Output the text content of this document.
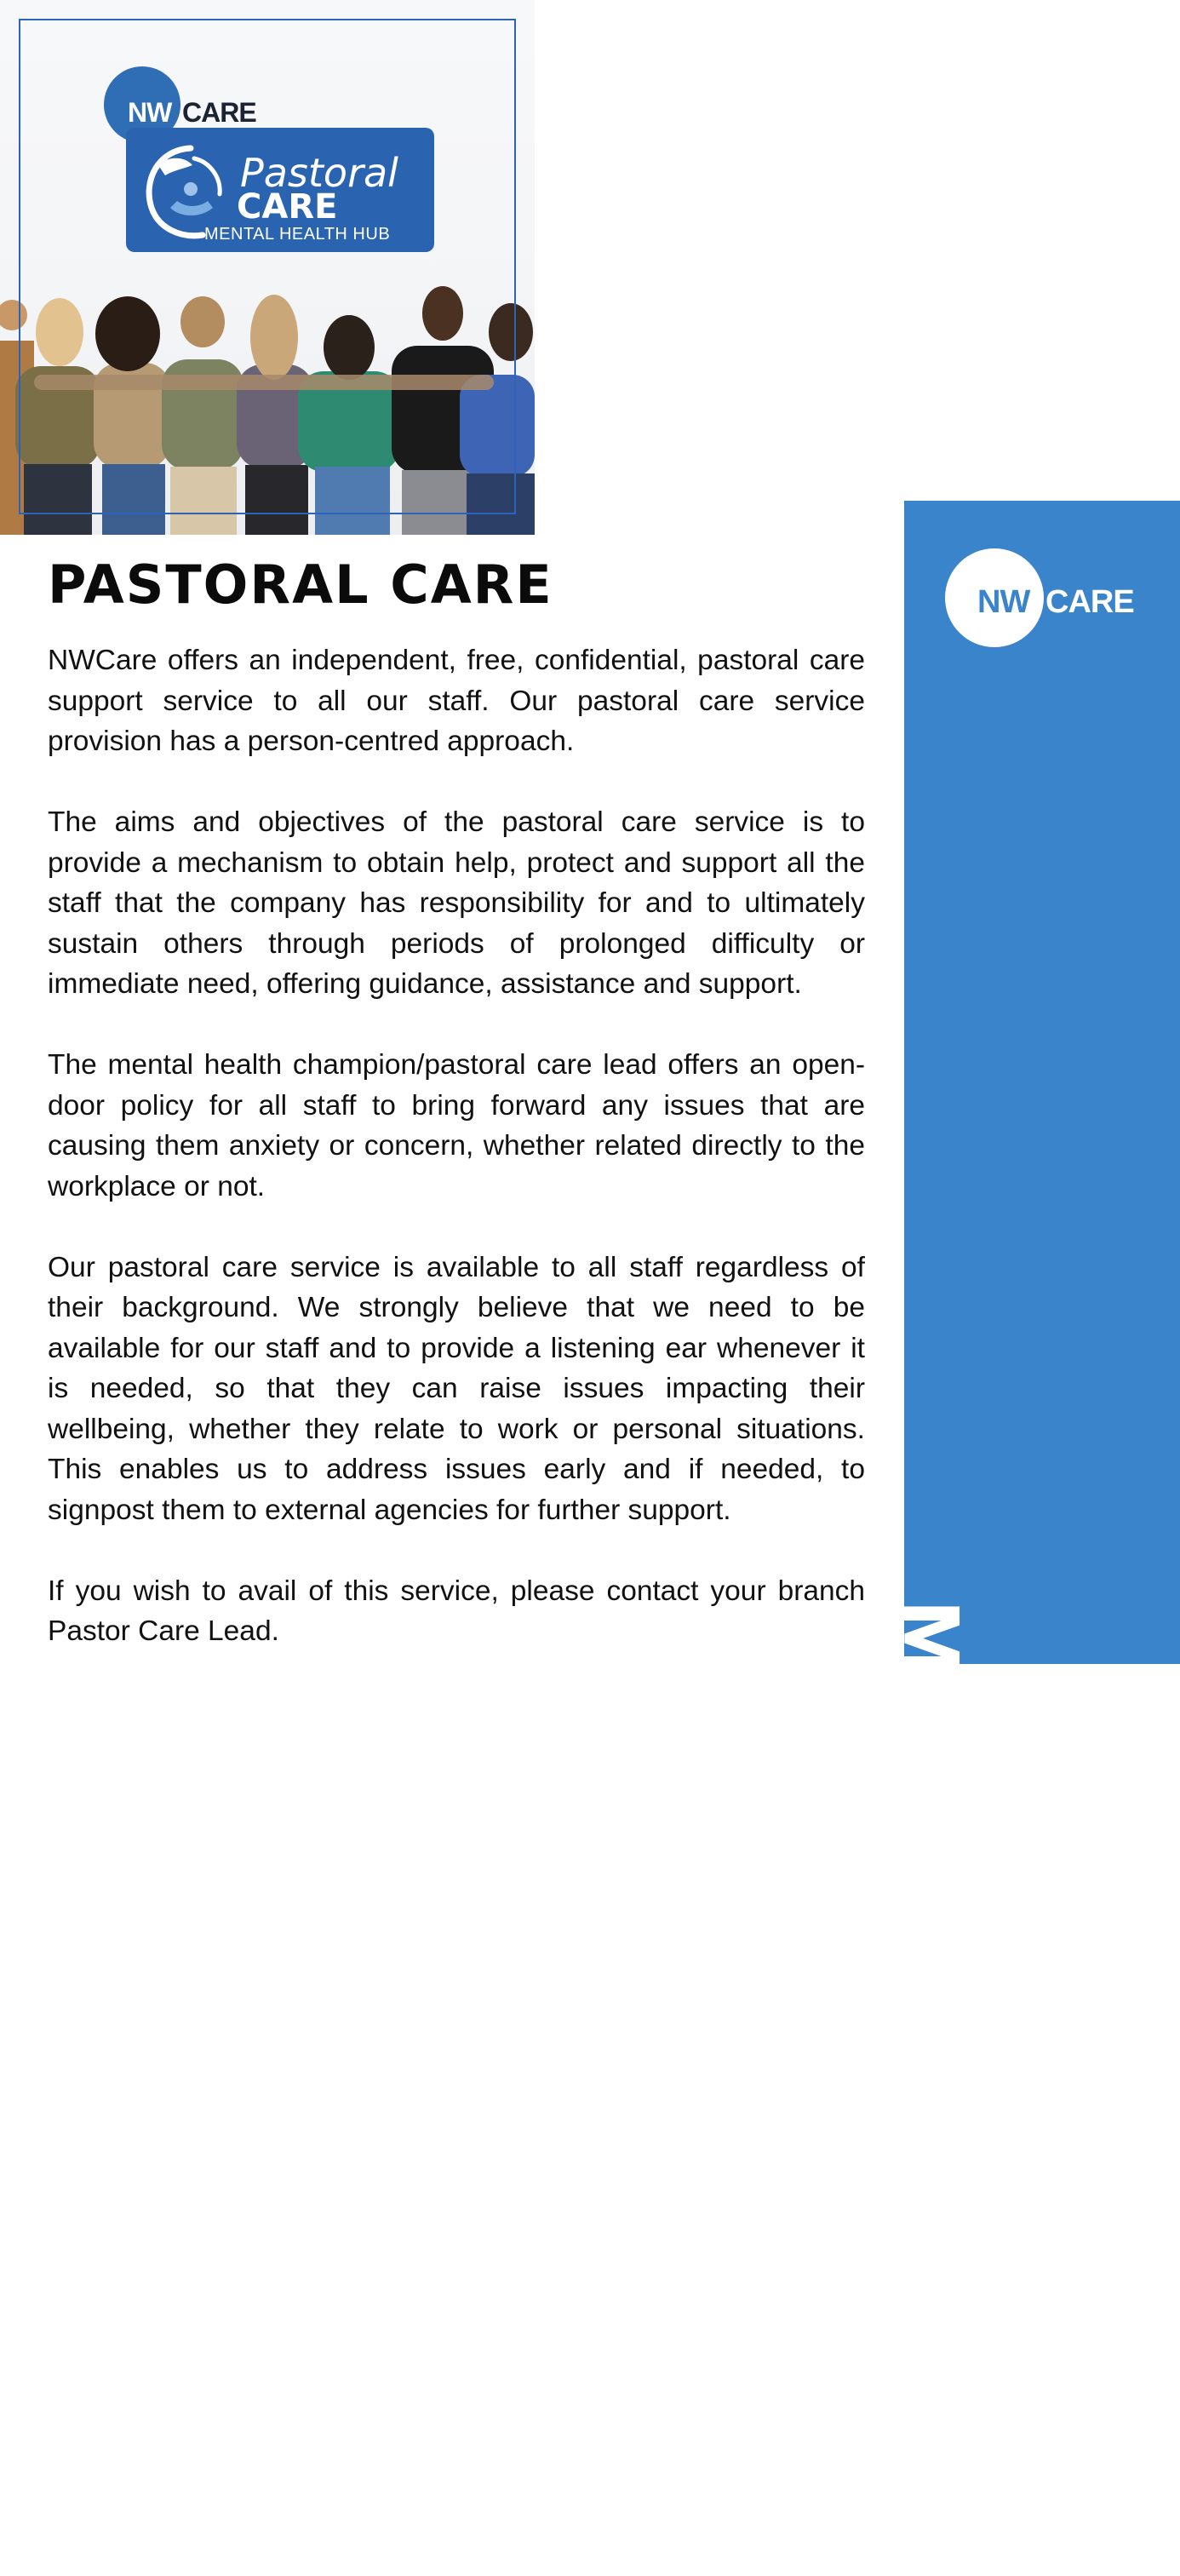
NW CARE
Pastoral
CARE
MENTAL HEALTH HUB
PASTORAL CARE

NWCare offers an independent, free, confidential, pastoral care support service to all our staff. Our pastoral care service provision has a person-centred approach.

The aims and objectives of the pastoral care service is to provide a mechanism to obtain help, protect and support all the staff that the company has responsibility for and to ultimately sustain others through periods of prolonged difficulty or immediate need, offering guidance, assistance and support.

The mental health champion/pastoral care lead offers an open-door policy for all staff to bring forward any issues that are causing them anxiety or concern, whether related directly to the workplace or not.

Our pastoral care service is available to all staff regardless of their background. We strongly believe that we need to be available for our staff and to provide a listening ear whenever it is needed, so that they can raise issues impacting their wellbeing, whether they relate to work or personal situations. This enables us to address issues early and if needed, to signpost them to external agencies for further support.

If you wish to avail of this service, please contact your branch Pastor Care Lead.

NW CARE
MENTAL H HEALTH HUB
